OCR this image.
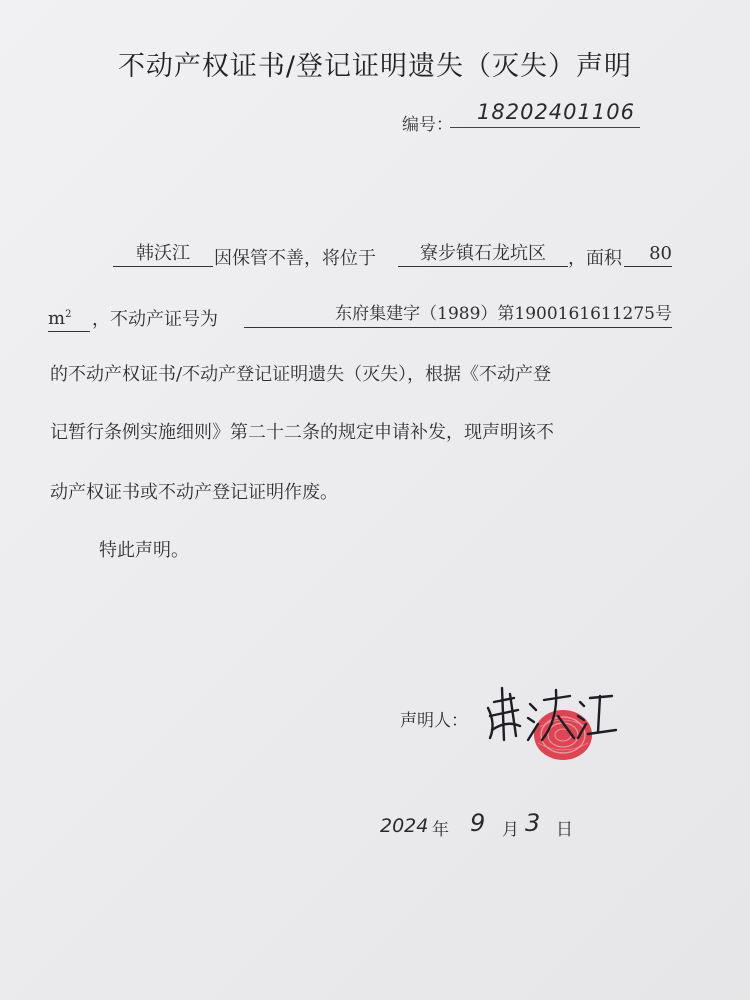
不动产权证书/登记证明遗失（灭失）声明
编号：
18202401106
韩沃江	因保管不善，将位于	寮步镇石龙坑区	，面积	80
$m^2$	，不动产证号为	东府集建字（1989）第1900161611275号
的不动产权证书/不动产登记证明遗失（灭失），根据《不动产登
记暂行条例实施细则》第二十二条的规定申请补发，现声明该不
动产权证书或不动产登记证明作废。
特此声明。
声明人：
2024 年 9 月 3 日
